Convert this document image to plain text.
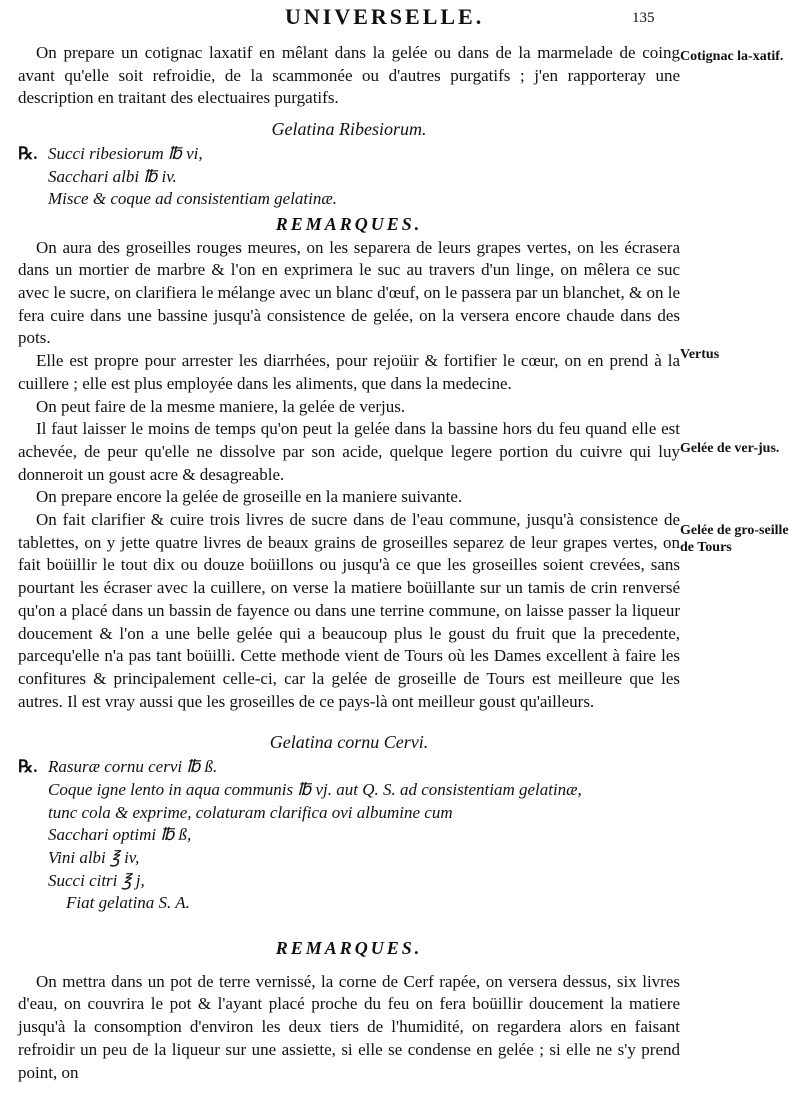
UNIVERSELLE.	135
Cotignac la-xatif.
Vertus
Gelée de ver-jus.
Gelée de gro-seille de Tours

On prepare un cotignac laxatif en mêlant dans la gelée ou dans de la marmelade de coing avant qu'elle soit refroidie, de la scammonée ou d'autres purgatifs ; j'en rapporteray une description en traitant des electuaires purgatifs.

Gelatina Ribesiorum.

℞. Succi ribesiorum ℔ vi,

Sacchari albi ℔ iv.

Misce & coque ad consistentiam gelatinæ.

REMARQUES.

On aura des groseilles rouges meures, on les separera de leurs grapes vertes, on les écrasera dans un mortier de marbre & l'on en exprimera le suc au travers d'un linge, on mêlera ce suc avec le sucre, on clarifiera le mélange avec un blanc d'œuf, on le passera par un blanchet, & on le fera cuire dans une bassine jusqu'à consistence de gelée, on la versera encore chaude dans des pots.

Elle est propre pour arrester les diarrhées, pour rejoüir & fortifier le cœur, on en prend à la cuillere ; elle est plus employée dans les aliments, que dans la medecine.

On peut faire de la mesme maniere, la gelée de verjus.

Il faut laisser le moins de temps qu'on peut la gelée dans la bassine hors du feu quand elle est achevée, de peur qu'elle ne dissolve par son acide, quelque legere portion du cuivre qui luy donneroit un goust acre & desagreable.

On prepare encore la gelée de groseille en la maniere suivante.

On fait clarifier & cuire trois livres de sucre dans de l'eau commune, jusqu'à consistence de tablettes, on y jette quatre livres de beaux grains de groseilles separez de leur grapes vertes, on fait boüillir le tout dix ou douze boüillons ou jusqu'à ce que les groseilles soient crevées, sans pourtant les écraser avec la cuillere, on verse la matiere boüillante sur un tamis de crin renversé qu'on a placé dans un bassin de fayence ou dans une terrine commune, on laisse passer la liqueur doucement & l'on a une belle gelée qui a beaucoup plus le goust du fruit que la precedente, parcequ'elle n'a pas tant boüilli. Cette methode vient de Tours où les Dames excellent à faire les confitures & principalement celle-ci, car la gelée de groseille de Tours est meilleure que les autres. Il est vray aussi que les groseilles de ce pays-là ont meilleur goust qu'ailleurs.

Gelatina cornu Cervi.

℞. Rasuræ cornu cervi ℔ ß.

Coque igne lento in aqua communis ℔ vj. aut Q. S. ad consistentiam gelatinæ,

tunc cola & exprime, colaturam clarifica ovi albumine cum

Sacchari optimi ℔ ß,

Vini albi ℥ iv,

Succi citri ℥ j,

Fiat gelatina S. A.

REMARQUES.

On mettra dans un pot de terre vernissé, la corne de Cerf rapée, on versera dessus, six livres d'eau, on couvrira le pot & l'ayant placé proche du feu on fera boüillir doucement la matiere jusqu'à la consomption d'environ les deux tiers de l'humidité, on regardera alors en faisant refroidir un peu de la liqueur sur une assiette, si elle se condense en gelée ; si elle ne s'y prend point, on
